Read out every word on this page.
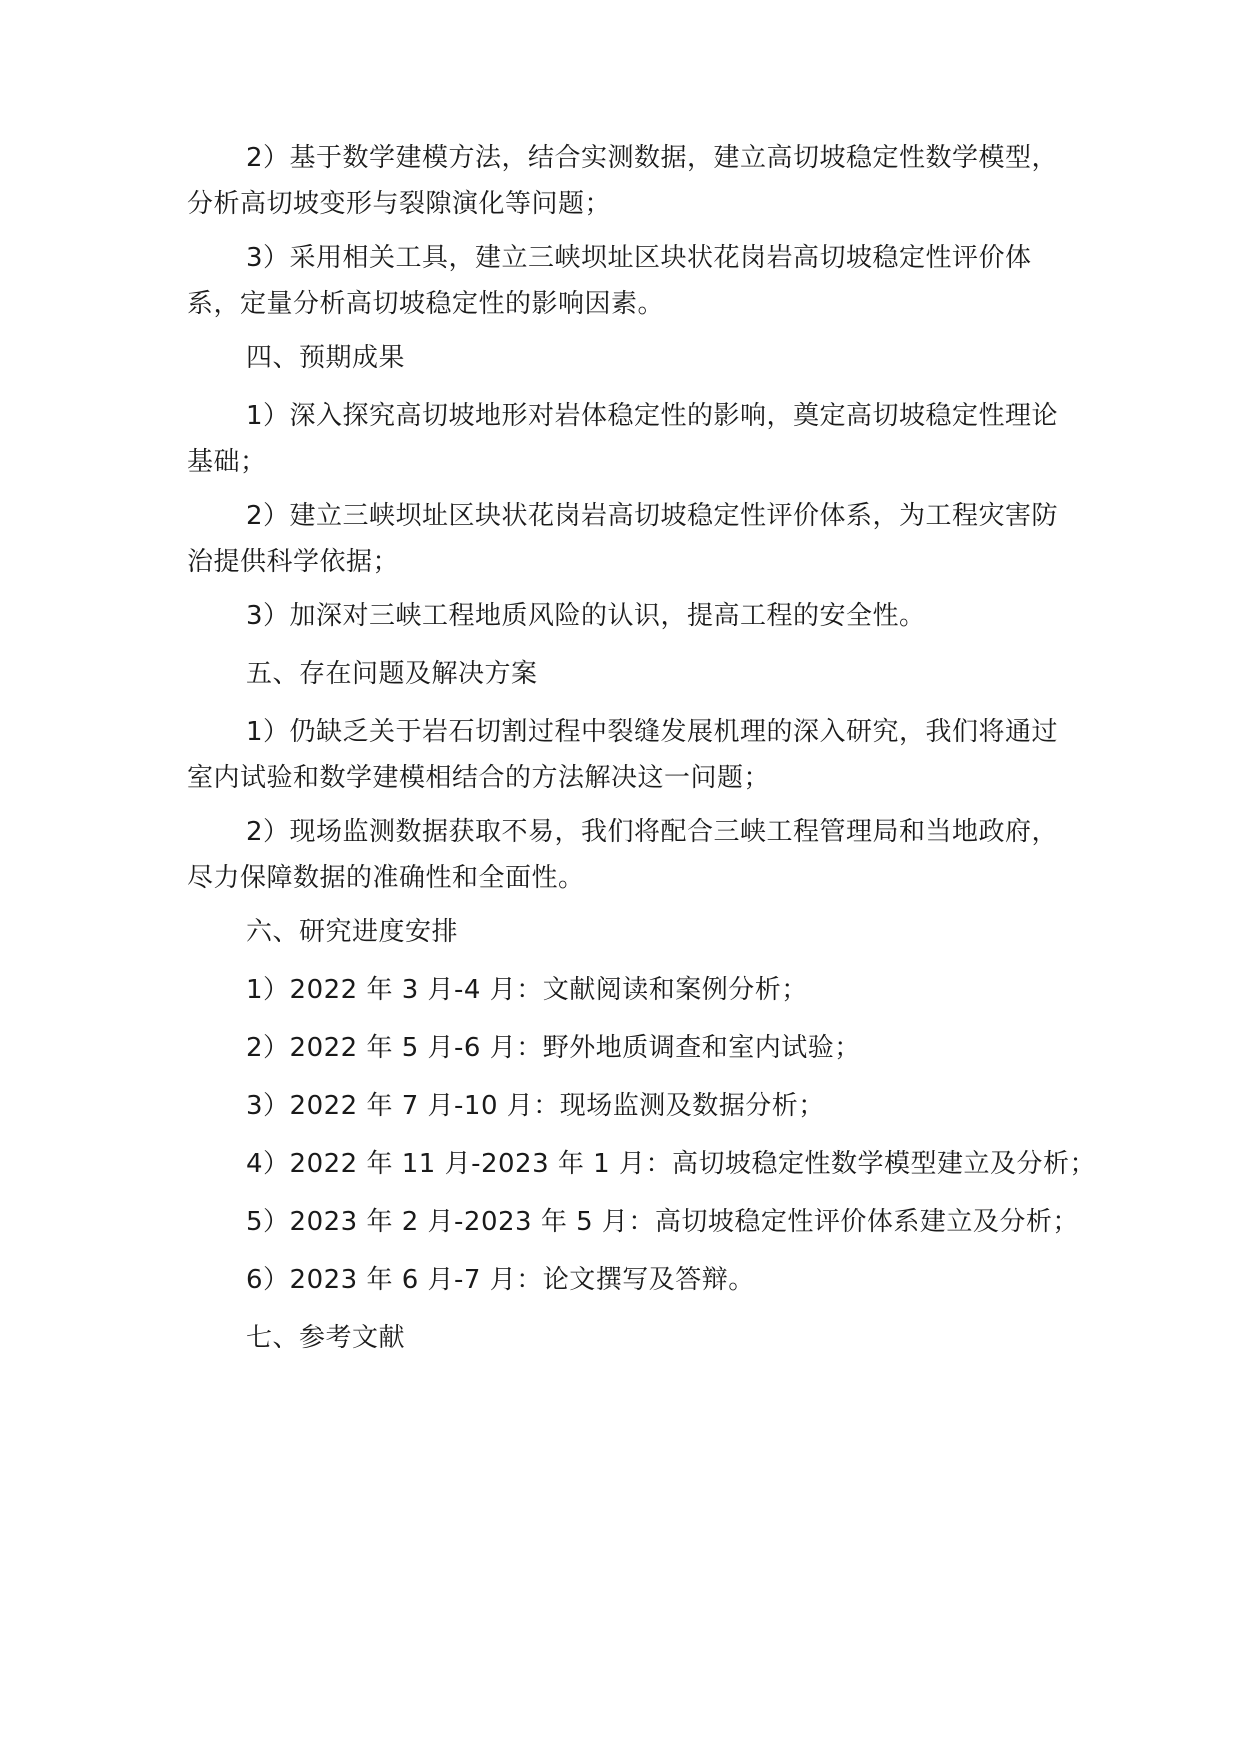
2）基于数学建模方法，结合实测数据，建立高切坡稳定性数学模型，分析高切坡变形与裂隙演化等问题；

3）采用相关工具，建立三峡坝址区块状花岗岩高切坡稳定性评价体系，定量分析高切坡稳定性的影响因素。

四、预期成果

1）深入探究高切坡地形对岩体稳定性的影响，奠定高切坡稳定性理论基础；

2）建立三峡坝址区块状花岗岩高切坡稳定性评价体系，为工程灾害防治提供科学依据；

3）加深对三峡工程地质风险的认识，提高工程的安全性。

五、存在问题及解决方案

1）仍缺乏关于岩石切割过程中裂缝发展机理的深入研究，我们将通过室内试验和数学建模相结合的方法解决这一问题；

2）现场监测数据获取不易，我们将配合三峡工程管理局和当地政府，尽力保障数据的准确性和全面性。

六、研究进度安排

1）2022 年 3 月-4 月：文献阅读和案例分析；

2）2022 年 5 月-6 月：野外地质调查和室内试验；

3）2022 年 7 月-10 月：现场监测及数据分析；

4）2022 年 11 月-2023 年 1 月：高切坡稳定性数学模型建立及分析；

5）2023 年 2 月-2023 年 5 月：高切坡稳定性评价体系建立及分析；

6）2023 年 6 月-7 月：论文撰写及答辩。

七、参考文献
